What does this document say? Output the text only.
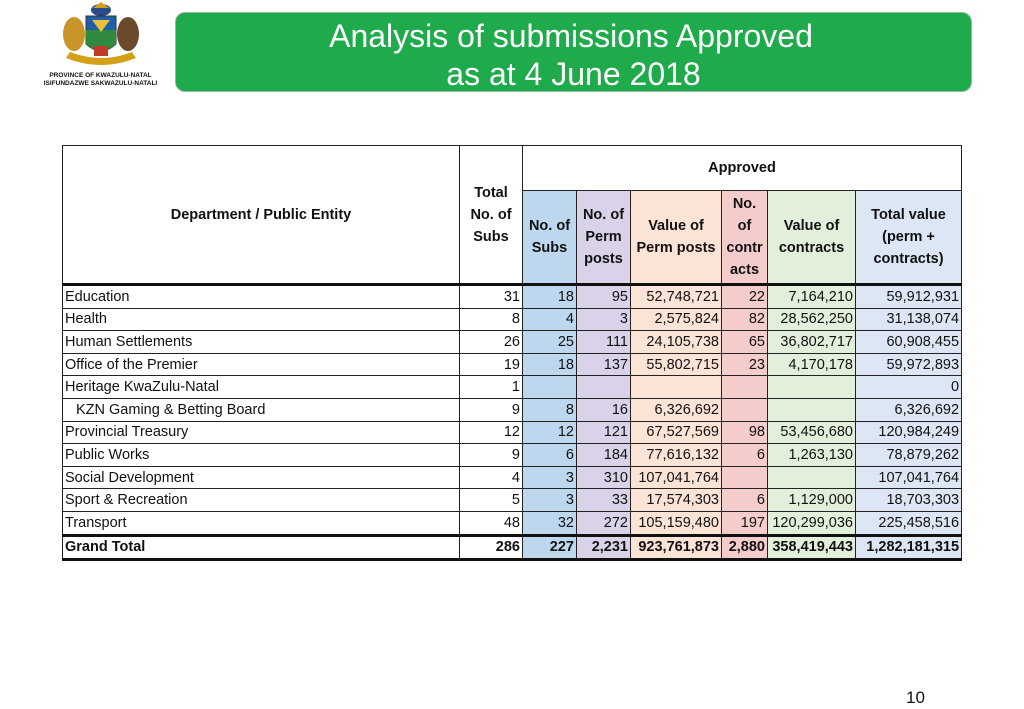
PROVINCE OF KWAZULU-NATAL
ISIFUNDAZWE SAKWAZULU-NATALI
Analysis of submissions Approved
as at 4 June 2018
Department / Public Entity	Total No. of Subs	Approved					
		No. of Subs	No. of Perm posts	Value of Perm posts	No. of contr acts	Value of contracts	Total value (perm + contracts)
Education	31	18	95	52,748,721	22	7,164,210	59,912,931
Health	8	4	3	2,575,824	82	28,562,250	31,138,074
Human Settlements	26	25	111	24,105,738	65	36,802,717	60,908,455
Office of the Premier	19	18	137	55,802,715	23	4,170,178	59,972,893
Heritage KwaZulu-Natal	1						0
KZN Gaming & Betting Board	9	8	16	6,326,692			6,326,692
Provincial Treasury	12	12	121	67,527,569	98	53,456,680	120,984,249
Public Works	9	6	184	77,616,132	6	1,263,130	78,879,262
Social Development	4	3	310	107,041,764			107,041,764
Sport & Recreation	5	3	33	17,574,303	6	1,129,000	18,703,303
Transport	48	32	272	105,159,480	197	120,299,036	225,458,516
Grand Total	286	227	2,231	923,761,873	2,880	358,419,443	1,282,181,315
10
